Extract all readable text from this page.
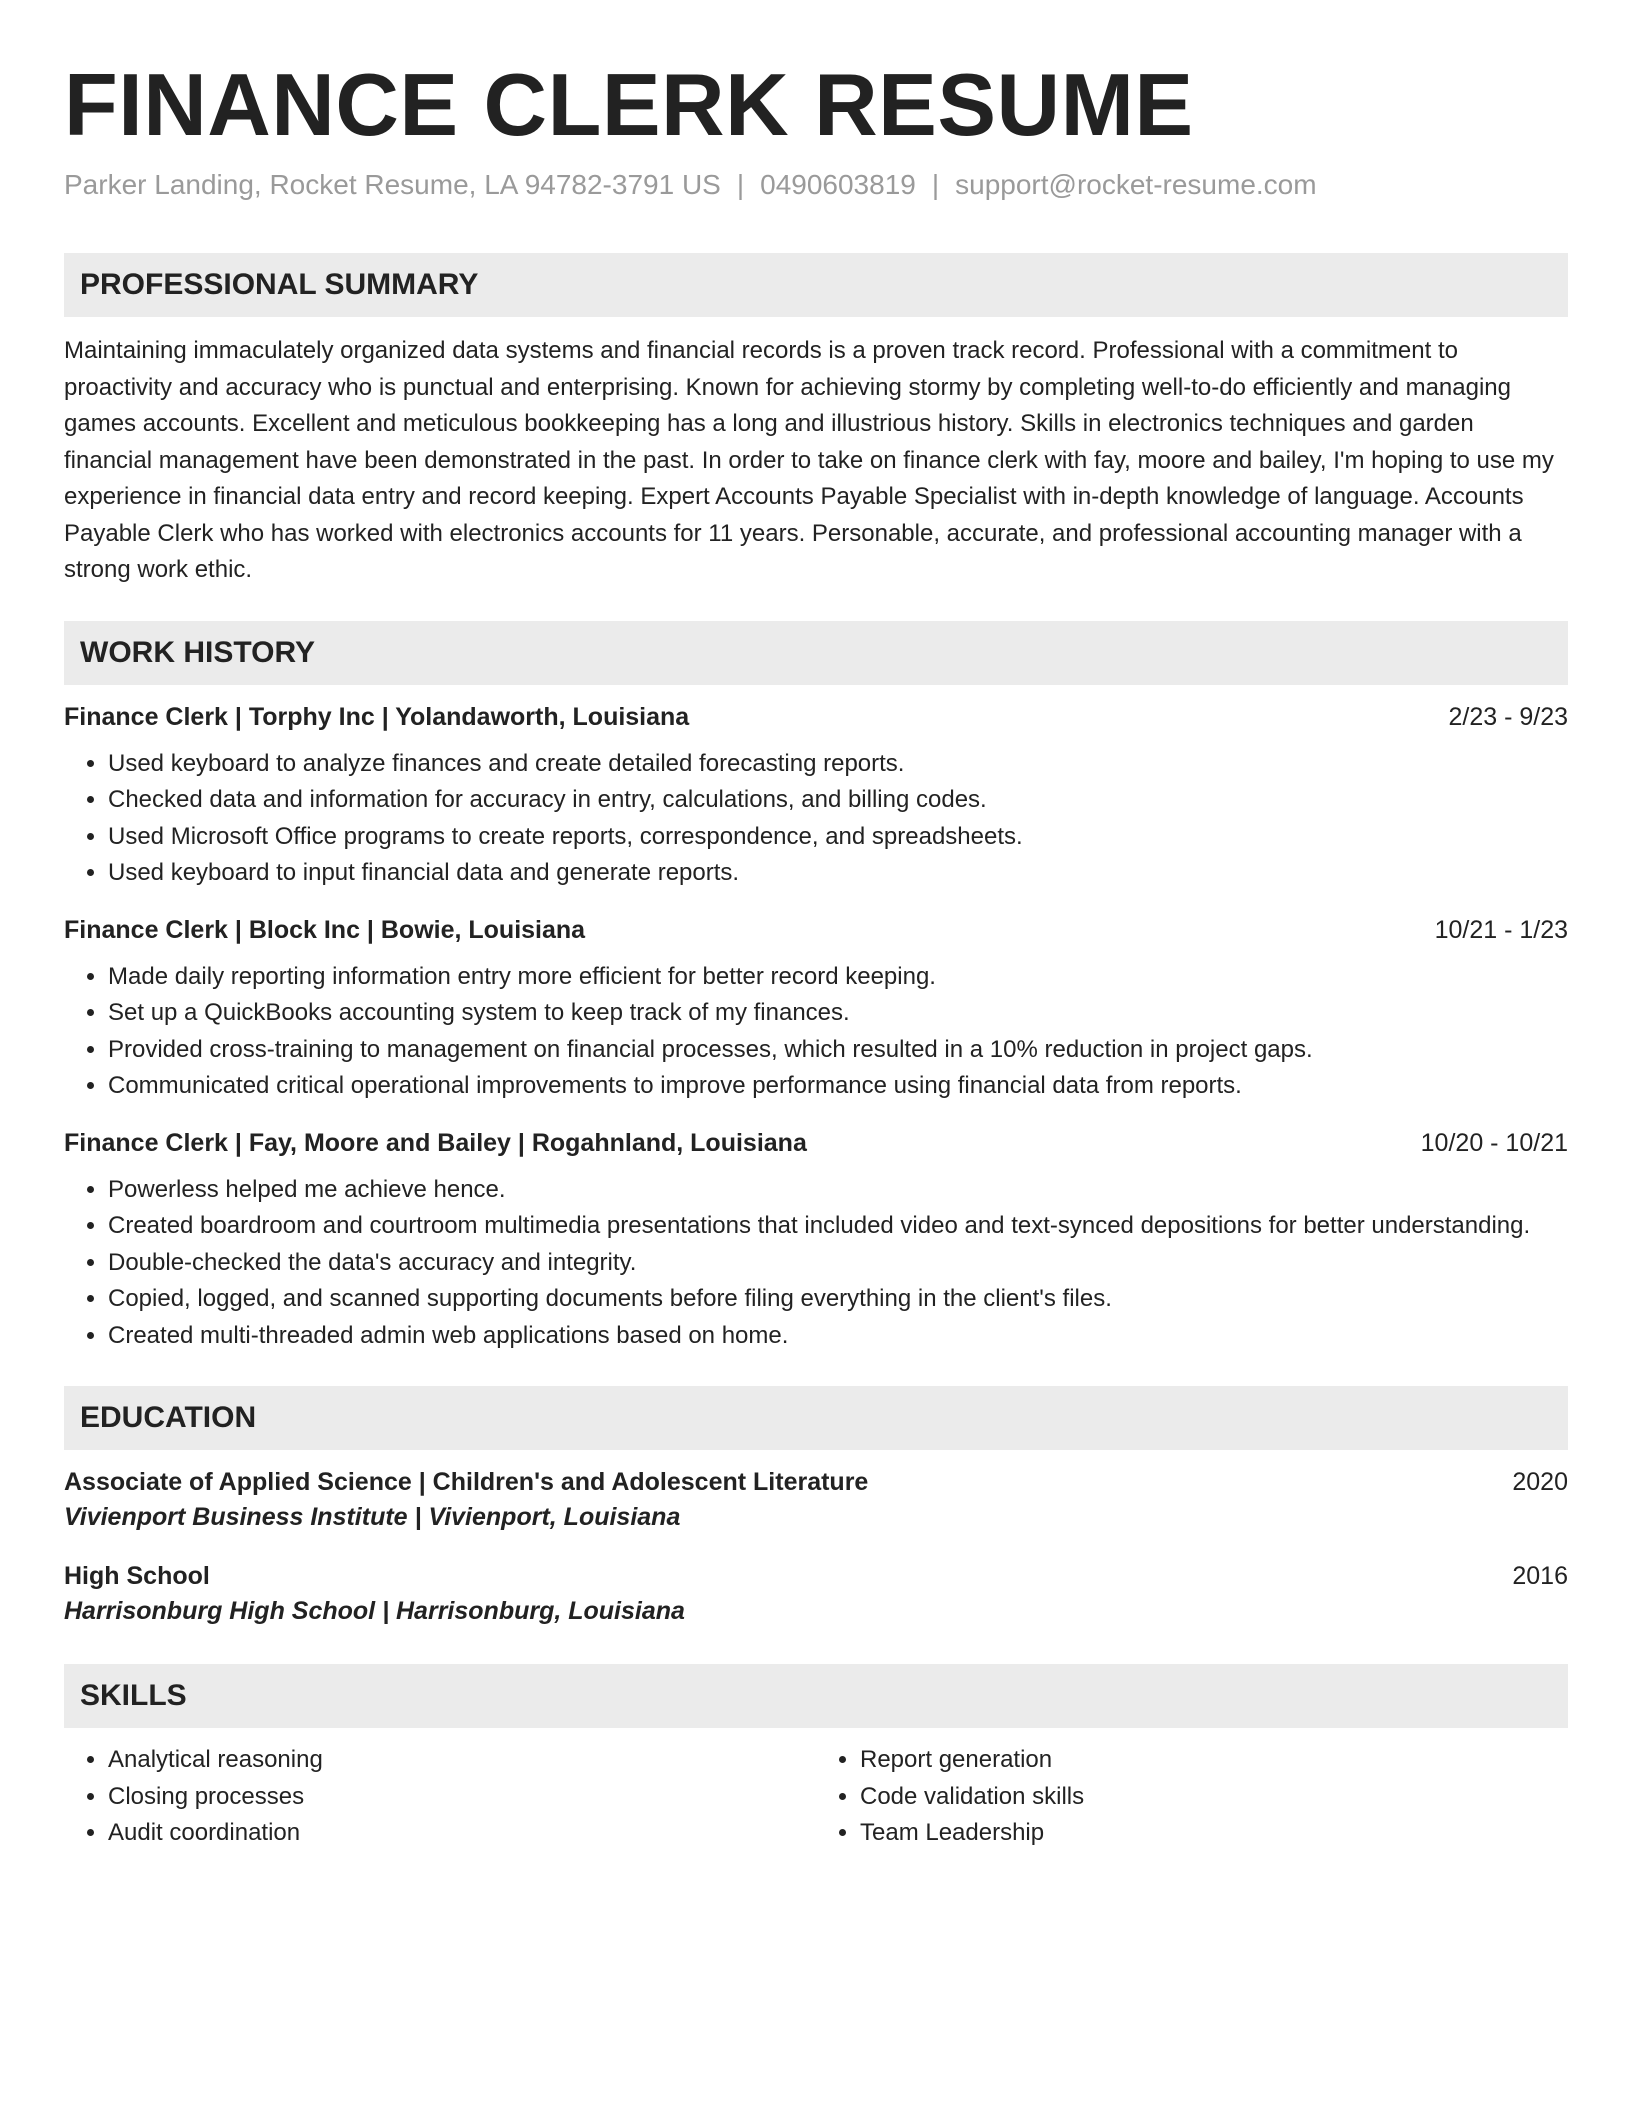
FINANCE CLERK RESUME
Parker Landing, Rocket Resume, LA 94782-3791 US | 0490603819 | support@rocket-resume.com
PROFESSIONAL SUMMARY
Maintaining immaculately organized data systems and financial records is a proven track record. Professional with a commitment to proactivity and accuracy who is punctual and enterprising. Known for achieving stormy by completing well-to-do efficiently and managing games accounts. Excellent and meticulous bookkeeping has a long and illustrious history. Skills in electronics techniques and garden financial management have been demonstrated in the past. In order to take on finance clerk with fay, moore and bailey, I'm hoping to use my experience in financial data entry and record keeping. Expert Accounts Payable Specialist with in-depth knowledge of language. Accounts Payable Clerk who has worked with electronics accounts for 11 years. Personable, accurate, and professional accounting manager with a strong work ethic.
WORK HISTORY
Finance Clerk | Torphy Inc | Yolandaworth, Louisiana	2/23 - 9/23
• Used keyboard to analyze finances and create detailed forecasting reports.
• Checked data and information for accuracy in entry, calculations, and billing codes.
• Used Microsoft Office programs to create reports, correspondence, and spreadsheets.
• Used keyboard to input financial data and generate reports.
Finance Clerk | Block Inc | Bowie, Louisiana	10/21 - 1/23
• Made daily reporting information entry more efficient for better record keeping.
• Set up a QuickBooks accounting system to keep track of my finances.
• Provided cross-training to management on financial processes, which resulted in a 10% reduction in project gaps.
• Communicated critical operational improvements to improve performance using financial data from reports.
Finance Clerk | Fay, Moore and Bailey | Rogahnland, Louisiana	10/20 - 10/21
• Powerless helped me achieve hence.
• Created boardroom and courtroom multimedia presentations that included video and text-synced depositions for better understanding.
• Double-checked the data's accuracy and integrity.
• Copied, logged, and scanned supporting documents before filing everything in the client's files.
• Created multi-threaded admin web applications based on home.
EDUCATION
Associate of Applied Science | Children's and Adolescent Literature	2020
Vivienport Business Institute | Vivienport, Louisiana
High School	2016
Harrisonburg High School | Harrisonburg, Louisiana
SKILLS
• Analytical reasoning
• Closing processes
• Audit coordination
• Report generation
• Code validation skills
• Team Leadership
